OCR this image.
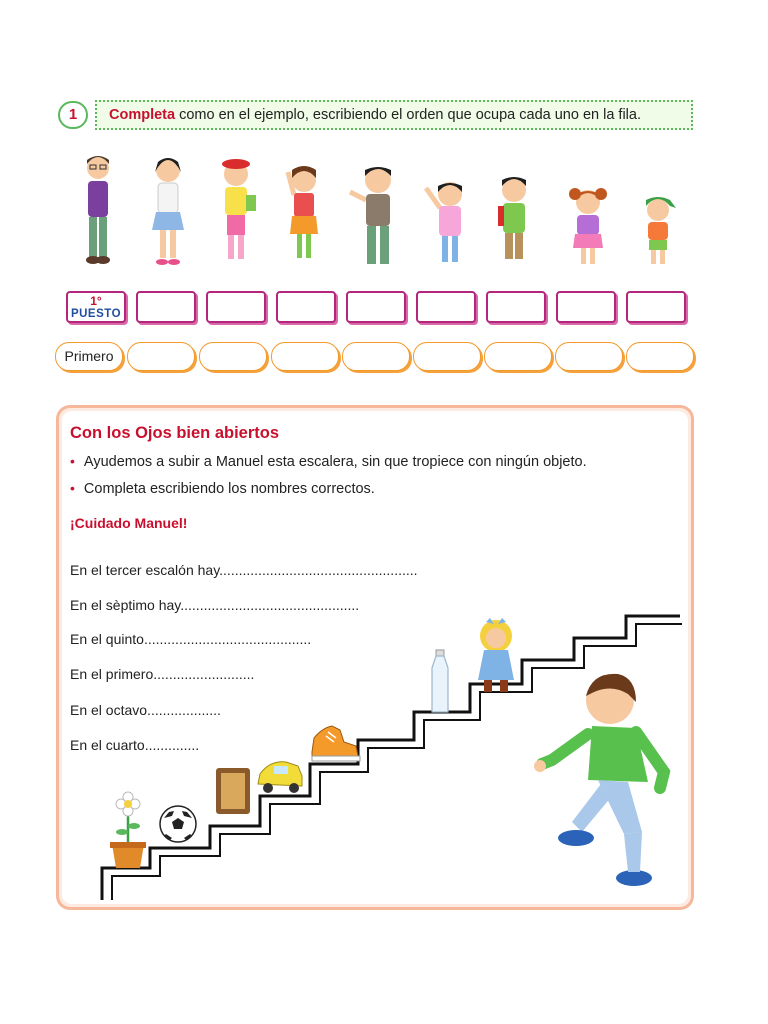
1	Completa como en el ejemplo, escribiendo el orden que ocupa cada uno en la fila.
1°
PUESTO
Primero
Con los Ojos bien abiertos
• Ayudemos a subir a Manuel esta escalera, sin que tropiece con ningún objeto.
• Completa escribiendo los nombres correctos.
¡Cuidado Manuel!
En el tercer escalón hay...................................................
En el sèptimo hay..............................................
En el quinto...........................................
En el primero..........................
En el octavo...................
En el cuarto..............
